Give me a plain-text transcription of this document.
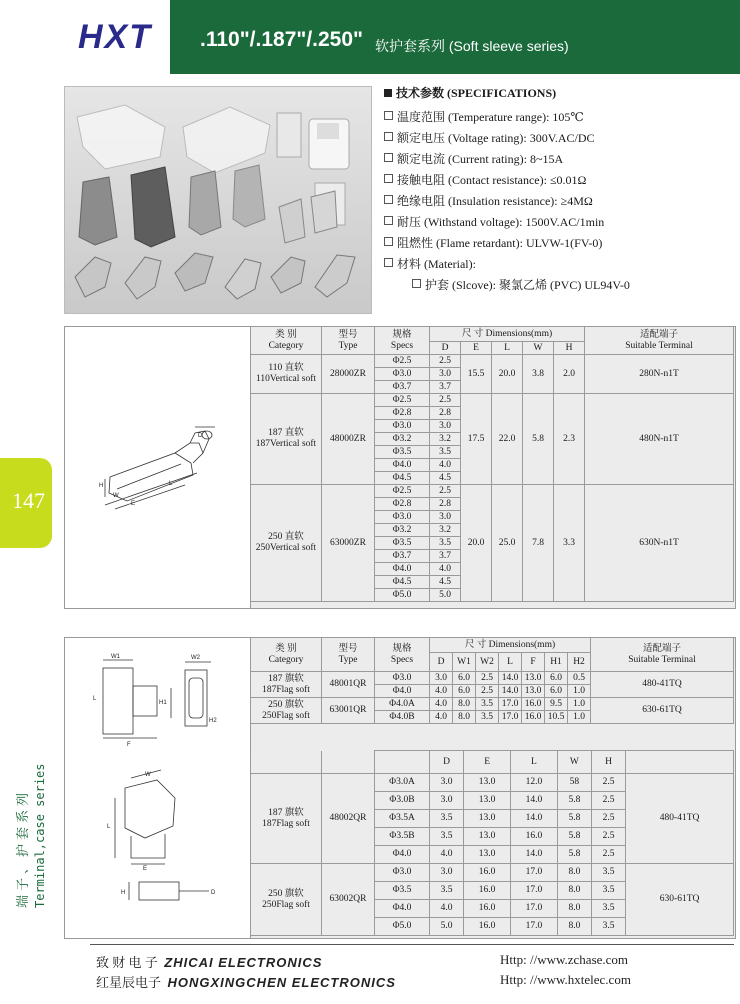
HXT .110"/.187"/.250" 软护套系列 (Soft sleeve series)
技术参数 (SPECIFICATIONS)
温度范围 (Temperature range): 105℃
额定电压 (Voltage rating): 300V.AC/DC
额定电流 (Current rating): 8~15A
接触电阻 (Contact resistance): ≤0.01Ω
绝缘电阻 (Insulation resistance): ≥4MΩ
耐压 (Withstand voltage): 1500V.AC/1min
阻燃性 (Flame retardant): ULVW-1(FV-0)
材料 (Material):
护套 (Slcove): 聚氯乙烯 (PVC) UL94V-0
147
端子、护套系列 Terminal,case series
D
H
W
E
L
类 别
Category	型号
Type	规格
Specs	尺 寸 Dimensions(mm)					适配端子
Suitable Terminal
			D	E	L	W	H	
110 直软
110Vertical soft	28000ZR	Φ2.5	2.5	15.5	20.0	3.8	2.0	280N-n1T
		Φ3.0	3.0					
		Φ3.7	3.7					
187 直软
187Vertical soft	48000ZR	Φ2.5	2.5	17.5	22.0	5.8	2.3	480N-n1T
		Φ2.8	2.8					
		Φ3.0	3.0					
		Φ3.2	3.2					
		Φ3.5	3.5					
		Φ4.0	4.0					
		Φ4.5	4.5					
250 直软
250Vertical soft	63000ZR	Φ2.5	2.5	20.0	25.0	7.8	3.3	630N-n1T
		Φ2.8	2.8					
		Φ3.0	3.0					
		Φ3.2	3.2					
		Φ3.5	3.5					
		Φ3.7	3.7					
		Φ4.0	4.0					
		Φ4.5	4.5					
		Φ5.0	5.0					
W1	W2
L
H1
H2
F
W
E
L
D
H
类 别
Category	型号
Type	规格
Specs	尺 寸 Dimensions(mm)							适配端子
Suitable Terminal
			D	W1	W2	L	F	H1	H2	
187 旗软
187Flag soft	48001QR	Φ3.0	3.0	6.0	2.5	14.0	13.0	6.0	0.5	480-41TQ
		Φ4.0	4.0	6.0	2.5	14.0	13.0	6.0	1.0	
250 旗软
250Flag soft	63001QR	Φ4.0A	4.0	8.0	3.5	17.0	16.0	9.5	1.0	630-61TQ
		Φ4.0B	4.0	8.0	3.5	17.0	16.0	10.5	1.0	
			D	E	L	W	H	
187 旗软
187Flag soft	48002QR	Φ3.0A	3.0	13.0	12.0	58	2.5	480-41TQ
		Φ3.0B	3.0	13.0	14.0	5.8	2.5	
		Φ3.5A	3.5	13.0	14.0	5.8	2.5	
		Φ3.5B	3.5	13.0	16.0	5.8	2.5	
		Φ4.0	4.0	13.0	14.0	5.8	2.5	
250 旗软
250Flag soft	63002QR	Φ3.0	3.0	16.0	17.0	8.0	3.5	630-61TQ
		Φ3.5	3.5	16.0	17.0	8.0	3.5	
		Φ4.0	4.0	16.0	17.0	8.0	3.5	
		Φ5.0	5.0	16.0	17.0	8.0	3.5	
致 财 电 子 ZHICAI ELECTRONICS	Http: //www.zchase.com
红星辰电子 HONGXINGCHEN ELECTRONICS	Http: //www.hxtelec.com
